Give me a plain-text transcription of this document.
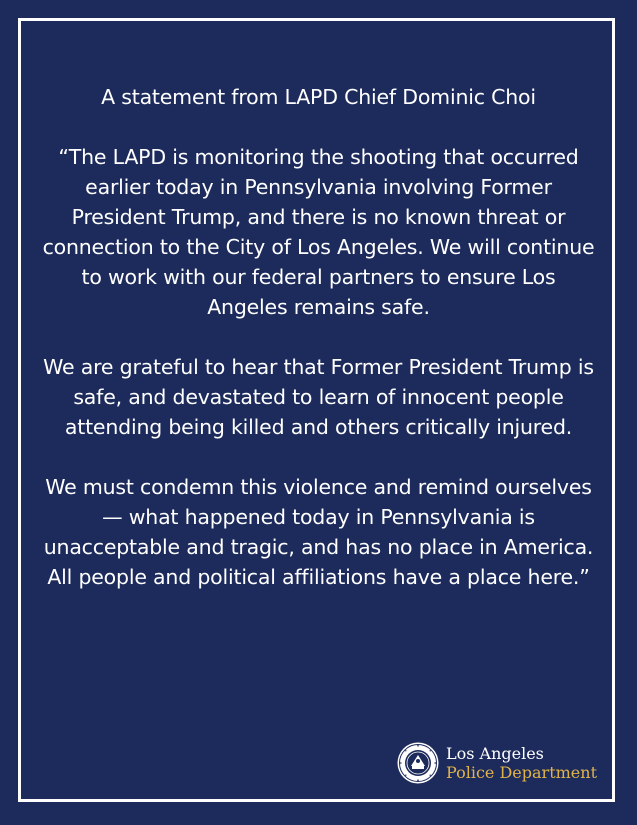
A statement from LAPD Chief Dominic Choi

“The LAPD is monitoring the shooting that occurred earlier today in Pennsylvania involving Former President Trump, and there is no known threat or connection to the City of Los Angeles. We will continue to work with our federal partners to ensure Los Angeles remains safe.

We are grateful to hear that Former President Trump is safe, and devastated to learn of innocent people attending being killed and others critically injured.

We must condemn this violence and remind ourselves — what happened today in Pennsylvania is unacceptable and tragic, and has no place in America. All people and political affiliations have a place here.”

Los Angeles
Police Department
